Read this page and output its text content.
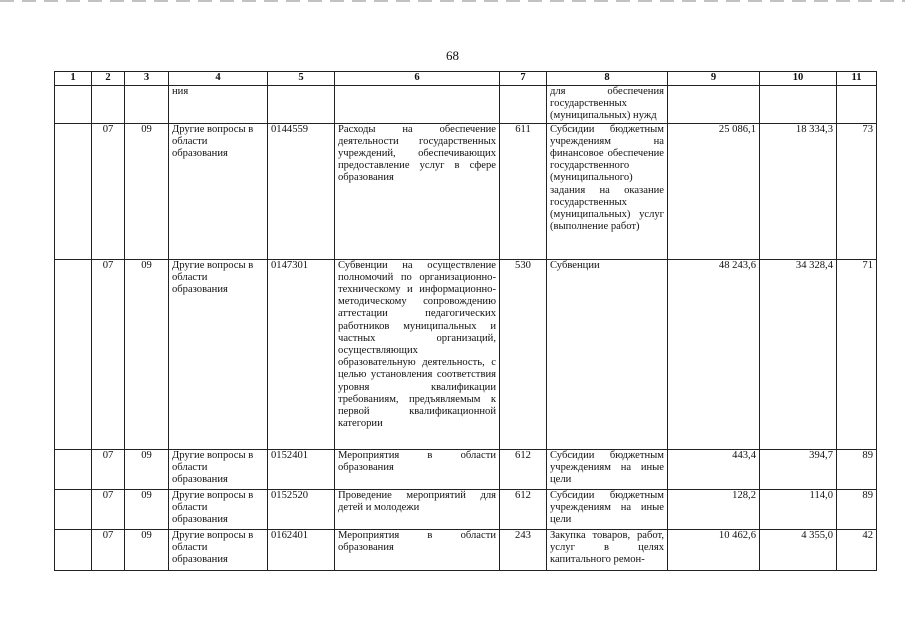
68
1	2	3	4	5	6	7	8	9	10	11
			ния				для обеспечения государственных (муниципальных) нужд			
	07	09	Другие вопросы в области образования	0144559	Расходы на обеспечение деятельности государственных учреждений, обеспечивающих предоставление услуг в сфере образования	611	Субсидии бюджетным учреждениям на финансовое обеспечение государственного (муниципального) задания на оказание государственных (муниципальных) услуг (выполнение работ)	25 086,1	18 334,3	73
	07	09	Другие вопросы в области образования	0147301	Субвенции на осуществление полномочий по организационно-техническому и информационно-методическому сопровождению аттестации педагогических работников муниципальных и частных организаций, осуществляющих образовательную деятельность, с целью установления соответствия уровня квалификации требованиям, предъявляемым к первой квалификационной категории	530	Субвенции	48 243,6	34 328,4	71
	07	09	Другие вопросы в области образования	0152401	Мероприятия в области образования	612	Субсидии бюджетным учреждениям на иные цели	443,4	394,7	89
	07	09	Другие вопросы в области образования	0152520	Проведение мероприятий для детей и молодежи	612	Субсидии бюджетным учреждениям на иные цели	128,2	114,0	89
	07	09	Другие вопросы в области образования	0162401	Мероприятия в области образования	243	Закупка товаров, работ, услуг в целях капитального ремон-	10 462,6	4 355,0	42
